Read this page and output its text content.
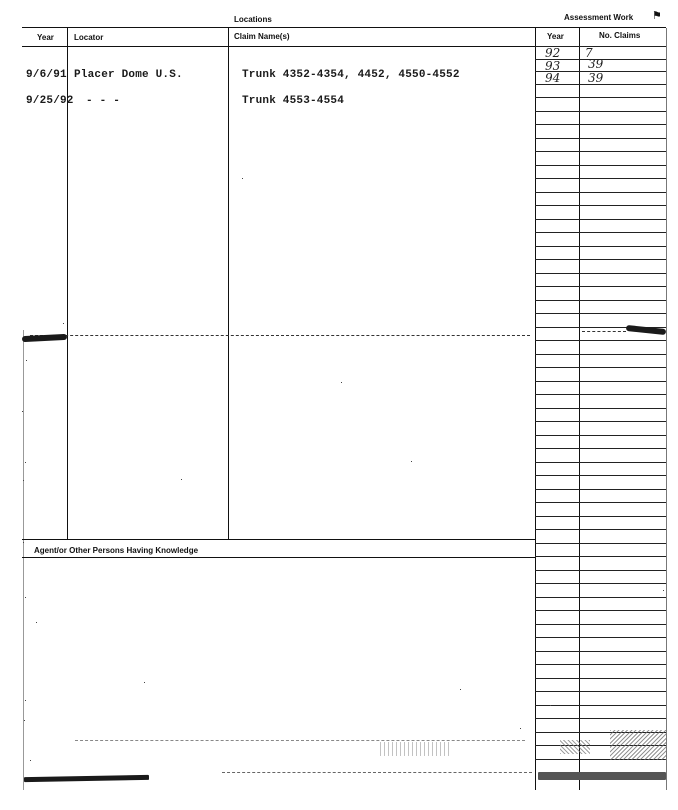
Locations	Assessment Work ⚑
Year	Locator	Claim Name(s)	Year	No. Claims
9/6/91 Placer Dome U.S.	Trunk 4352-4354, 4452, 4550-4552
9/25/92 - - -	Trunk 4553-4554
92 7
93 39
94 39
Agent/or Other Persons Having Knowledge
